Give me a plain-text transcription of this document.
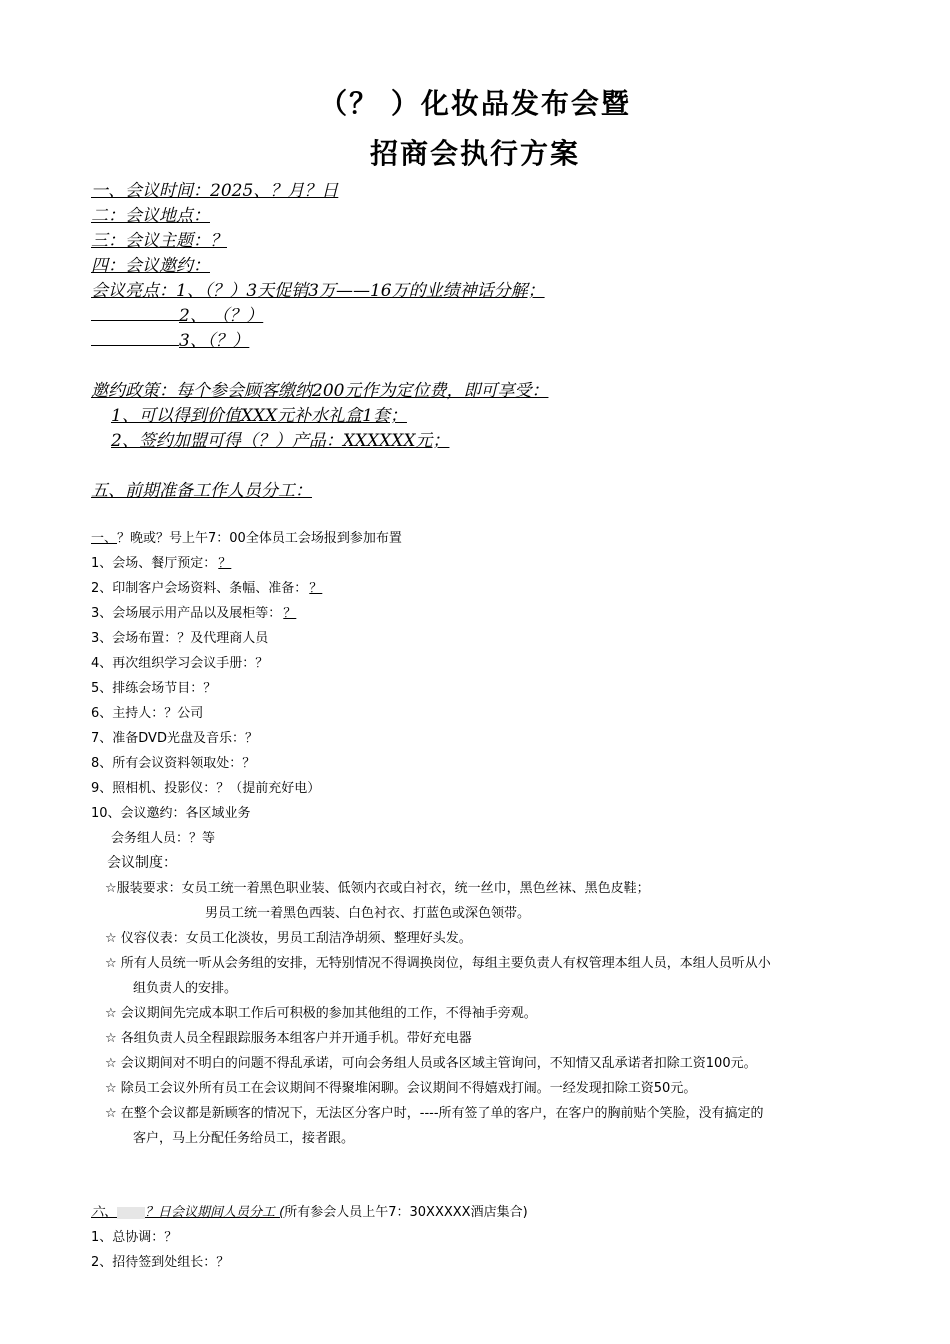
（？ ）化妆品发布会暨
招商会执行方案
一、会议时间：2025、？月？日
二：会议地点：
三：会议主题：？
四：会议邀约：
会议亮点：1、（？）3天促销3万——16万的业绩神话分解；
2、 （？）
3、（？）
邀约政策：每个参会顾客缴纳200元作为定位费，即可享受：
1、可以得到价值XXX元补水礼盒1套；
2、签约加盟可得（？）产品：XXXXXX元；
五、前期准备工作人员分工：
一、？晚或？号上午7：00全体员工会场报到参加布置
1、会场、餐厅预定： ？
2、印制客户会场资料、条幅、准备： ？
3、会场展示用产品以及展柜等： ？
3、会场布置：？及代理商人员
4、再次组织学习会议手册：？
5、排练会场节目：？
6、主持人：？公司
7、准备DVD光盘及音乐：？
8、所有会议资料领取处：？
9、照相机、投影仪：？（提前充好电）
10、会议邀约：各区域业务
会务组人员：？等
会议制度：
☆服装要求：女员工统一着黑色职业装、低领内衣或白衬衣，统一丝巾，黑色丝袜、黑色皮鞋；
男员工统一着黑色西装、白色衬衣、打蓝色或深色领带。
☆ 仪容仪表：女员工化淡妆，男员工刮洁净胡须、整理好头发。
☆ 所有人员统一听从会务组的安排，无特别情况不得调换岗位，每组主要负责人有权管理本组人员，本组人员听从小
组负责人的安排。
☆ 会议期间先完成本职工作后可积极的参加其他组的工作，不得袖手旁观。
☆ 各组负责人员全程跟踪服务本组客户并开通手机。带好充电器
☆ 会议期间对不明白的问题不得乱承诺，可向会务组人员或各区域主管询问，不知情又乱承诺者扣除工资100元。
☆ 除员工会议外所有员工在会议期间不得聚堆闲聊。会议期间不得嬉戏打闹。一经发现扣除工资50元。
☆ 在整个会议都是新顾客的情况下，无法区分客户时，----所有签了单的客户，在客户的胸前贴个笑脸，没有搞定的
客户，马上分配任务给员工，接者跟。
六、 ？日会议期间人员分工 (所有参会人员上午7：30XXXXX酒店集合)
1、总协调：？
2、招待签到处组长：？
